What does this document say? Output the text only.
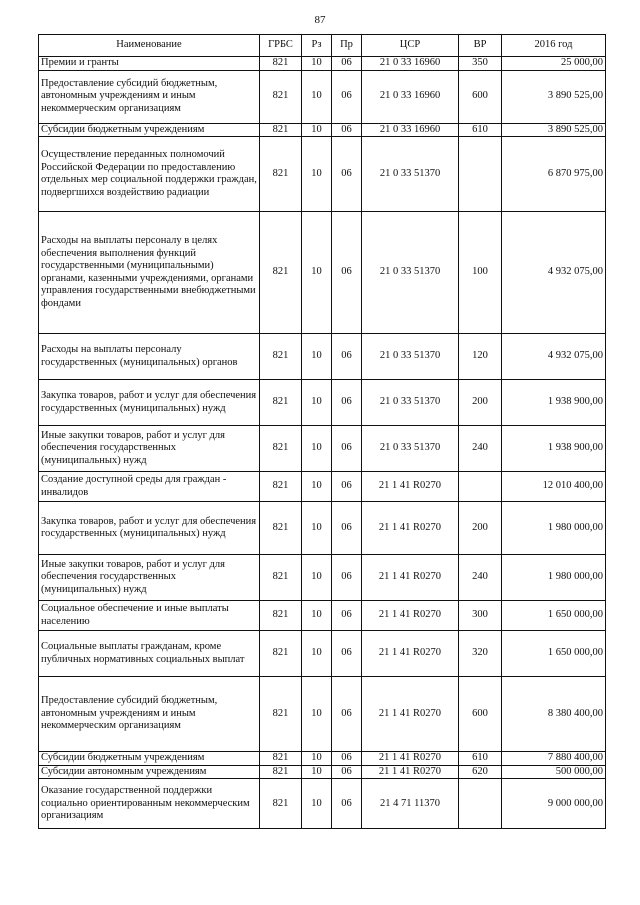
87
Наименование	ГРБС	Рз	Пр	ЦСР	ВР	2016 год
Премии и гранты	821	10	06	21 0 33 16960	350	25 000,00
Предоставление субсидий бюджетным, автономным учреждениям и иным некоммерческим организациям	821	10	06	21 0 33 16960	600	3 890 525,00
Субсидии бюджетным учреждениям	821	10	06	21 0 33 16960	610	3 890 525,00
Осуществление переданных полномочий Российской Федерации по предоставлению отдельных мер социальной поддержки граждан, подвергшихся воздействию радиации	821	10	06	21 0 33 51370		6 870 975,00
Расходы на выплаты персоналу в целях обеспечения выполнения функций государственными (муниципальными) органами, казенными учреждениями, органами управления государственными внебюджетными фондами	821	10	06	21 0 33 51370	100	4 932 075,00
Расходы на выплаты персоналу государственных (муниципальных) органов	821	10	06	21 0 33 51370	120	4 932 075,00
Закупка товаров, работ и услуг для обеспечения государственных (муниципальных) нужд	821	10	06	21 0 33 51370	200	1 938 900,00
Иные закупки товаров, работ и услуг для обеспечения государственных (муниципальных) нужд	821	10	06	21 0 33 51370	240	1 938 900,00
Создание доступной среды для граждан - инвалидов	821	10	06	21 1 41 R0270		12 010 400,00
Закупка товаров, работ и услуг для обеспечения государственных (муниципальных) нужд	821	10	06	21 1 41 R0270	200	1 980 000,00
Иные закупки товаров, работ и услуг для обеспечения государственных (муниципальных) нужд	821	10	06	21 1 41 R0270	240	1 980 000,00
Социальное обеспечение и иные выплаты населению	821	10	06	21 1 41 R0270	300	1 650 000,00
Социальные выплаты гражданам, кроме публичных нормативных социальных выплат	821	10	06	21 1 41 R0270	320	1 650 000,00
Предоставление субсидий бюджетным, автономным учреждениям и иным некоммерческим организациям	821	10	06	21 1 41 R0270	600	8 380 400,00
Субсидии бюджетным учреждениям	821	10	06	21 1 41 R0270	610	7 880 400,00
Субсидии автономным учреждениям	821	10	06	21 1 41 R0270	620	500 000,00
Оказание государственной поддержки социально ориентированным некоммерческим организациям	821	10	06	21 4 71 11370		9 000 000,00
